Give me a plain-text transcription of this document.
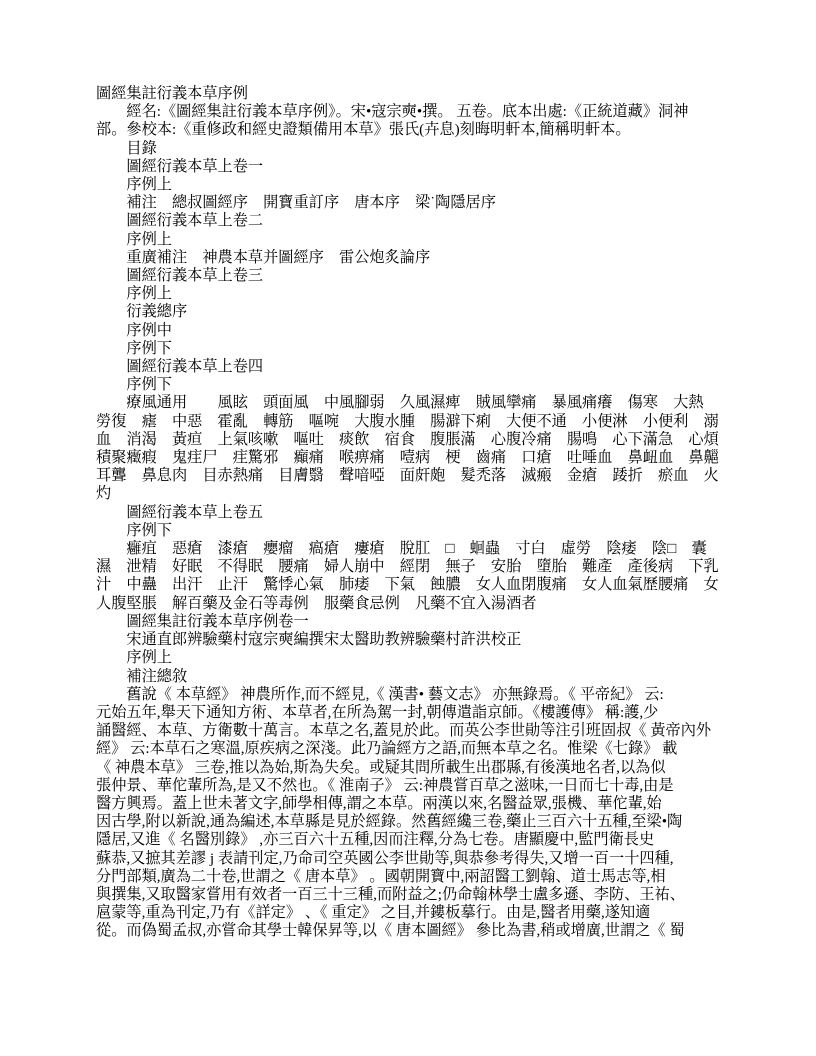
圖經集註衍義本草序例
　　經名:《圖經集註衍義本草序例》。宋•寇宗奭•撰。 五卷。底本出處:《正統道藏》洞神
部。參校本:《重修政和經史證類備用本草》張氏(卉息)刻晦明軒本,簡稱明軒本。
　　目錄
　　圖經衍義本草上卷一
　　序例上
　　補注　總叔圖經序　開寶重訂序　唐本序　梁˙陶隱居序
　　圖經衍義本草上卷二
　　序例上
　　重廣補注　神農本草并圖經序　雷公炮炙論序
　　圖經衍義本草上卷三
　　序例上
　　衍義總序
　　序例中
　　序例下
　　圖經衍義本草上卷四
　　序例下
　　療風通用　　風眩　頭面風　中風腳弱　久風濕痺　賊風攣痛　暴風痛癢　傷寒　大熱
勞復　瘧　中惡　霍亂　轉筋　嘔啘　大腹水腫　腸澼下痢　大便不通　小便淋　小便利　溺
血　消渴　黃疸　上氣咳嗽　嘔吐　痰飲　宿食　腹脹滿　心腹冷痛　腸鳴　心下滿急　心煩
積聚癥瘕　鬼疰尸　疰驚邪　癲痛　喉痹痛　噎病　梗　齒痛　口瘡　吐唾血　鼻衄血　鼻齆
耳聾　鼻息肉　目赤熱痛　目膚翳　聲喑啞　面皯皰　髮禿落　滅瘢　金瘡　踒折　瘀血　火
灼
　　圖經衍義本草上卷五
　　序例下
　　癰疽　惡瘡　漆瘡　癭瘤　瘑瘡　瘻瘡　脫肛　□　蛔蟲　寸白　虛勞　陰痿　陰□　囊
濕　泄精　好眠　不得眠　腰痛　婦人崩中　經閉　無子　安胎　墮胎　難產　產後病　下乳
汁　中蠱　出汗　止汗　驚悸心氣　肺痿　下氣　蝕膿　女人血閉腹痛　女人血氣歷腰痛　女
人腹堅脹　解百藥及金石等毒例　服藥食忌例　凡藥不宜入湯酒者
　　圖經集註衍義本草序例卷一
　　宋通直郎辨驗藥村寇宗奭編撰宋太醫助教辨驗藥村許洪校正
　　序例上
　　補注總敘
　　舊說《 本草經》 神農所作,而不經見,《 漢書• 藝文志》 亦無錄焉。《 平帝紀》 云:
元始五年,舉天下通知方術、本草者,在所為駕一封,朝傳遣詣京師。《樓護傳》 稱:護,少
誦醫經、本草、方衛數十萬言。本草之名,蓋見於此。而英公李世勛等注引班固叔《 黃帝內外
經》 云:本草石之寒溫,原疾病之深淺。此乃論經方之語,而無本草之名。惟梁《七錄》 載
《 神農本草》 三卷,推以為始,斯為失矣。或疑其問所載生出郡縣,有後漢地名者,以為似
張仲景、華佗輩所為,是又不然也。《 淮南子》 云:神農嘗百草之滋味,一日而七十毒,由是
醫方興焉。蓋上世未著文字,師學相傳,謂之本草。兩漢以來,名醫益眾,張機、華佗輩,始
因古學,附以新說,通為編述,本草縣是見於經錄。然舊經纔三卷,藥止三百六十五種,至梁•陶
隱居,又進《 名醫別錄》 ,亦三百六十五種,因而注釋,分為七卷。唐顯慶中,監門衛長史
蘇恭,又摭其差謬 j 表請刊定,乃命司空英國公李世勛等,與恭參考得失,又增一百一十四種,
分門部類,廣為二十卷,世謂之《 唐本草》 。國朝開寶中,兩詔醫工劉翰、道士馬志等,相
與撰集,又取醫家嘗用有效者一百三十三種,而附益之;仍命翰林學士盧多遜、李防、王祐、
扈蒙等,重為刊定,乃有《詳定》 、《 重定》 之目,并鏤板摹行。由是,醫者用藥,遂知適
從。而偽蜀孟叔,亦嘗命其學士韓保昇等,以《 唐本圖經》 參比為書,稍或增廣,世謂之《 蜀
